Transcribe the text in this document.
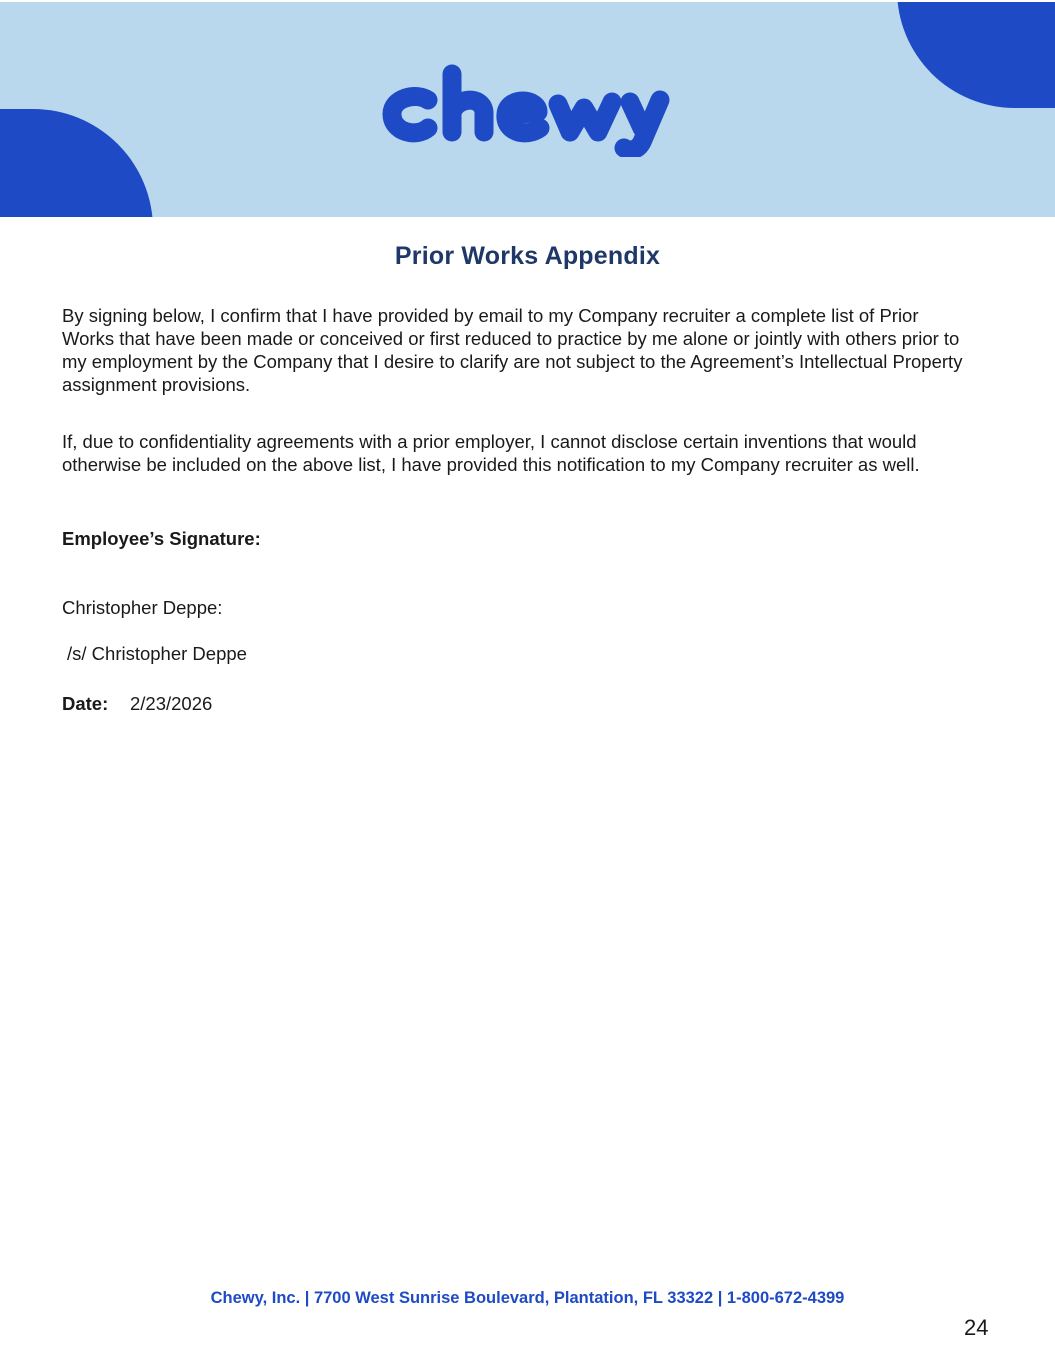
Prior Works Appendix
By signing below, I confirm that I have provided by email to my Company recruiter a complete list of Prior Works that have been made or conceived or first reduced to practice by me alone or jointly with others prior to my employment by the Company that I desire to clarify are not subject to the Agreement’s Intellectual Property assignment provisions.
If, due to confidentiality agreements with a prior employer, I cannot disclose certain inventions that would otherwise be included on the above list, I have provided this notification to my Company recruiter as well.
Employee’s Signature:
Christopher Deppe:
/s/ Christopher Deppe
Date: 2/23/2026
Chewy, Inc. | 7700 West Sunrise Boulevard, Plantation, FL 33322 | 1-800-672-4399
24
